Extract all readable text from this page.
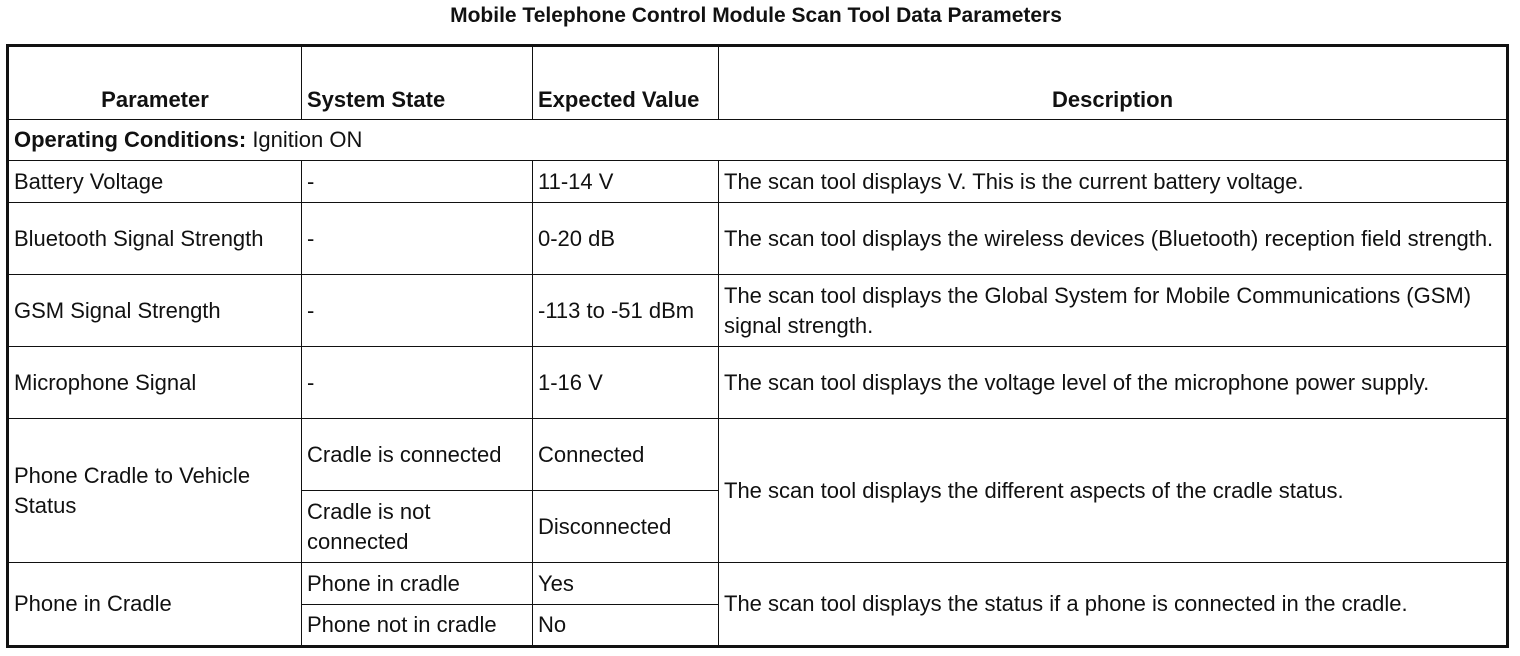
Mobile Telephone Control Module Scan Tool Data Parameters
Parameter	System State	Expected Value	Description
Operating Conditions: Ignition ON			
Battery Voltage	-	11-14 V	The scan tool displays V. This is the current battery voltage.
Bluetooth Signal Strength	-	0-20 dB	The scan tool displays the wireless devices (Bluetooth) reception field strength.
GSM Signal Strength	-	-113 to -51 dBm	The scan tool displays the Global System for Mobile Communications (GSM) signal strength.
Microphone Signal	-	1-16 V	The scan tool displays the voltage level of the microphone power supply.
Phone Cradle to Vehicle Status	Cradle is connected	Connected	The scan tool displays the different aspects of the cradle status.
	Cradle is not connected	Disconnected	
Phone in Cradle	Phone in cradle	Yes	The scan tool displays the status if a phone is connected in the cradle.
	Phone not in cradle	No	
